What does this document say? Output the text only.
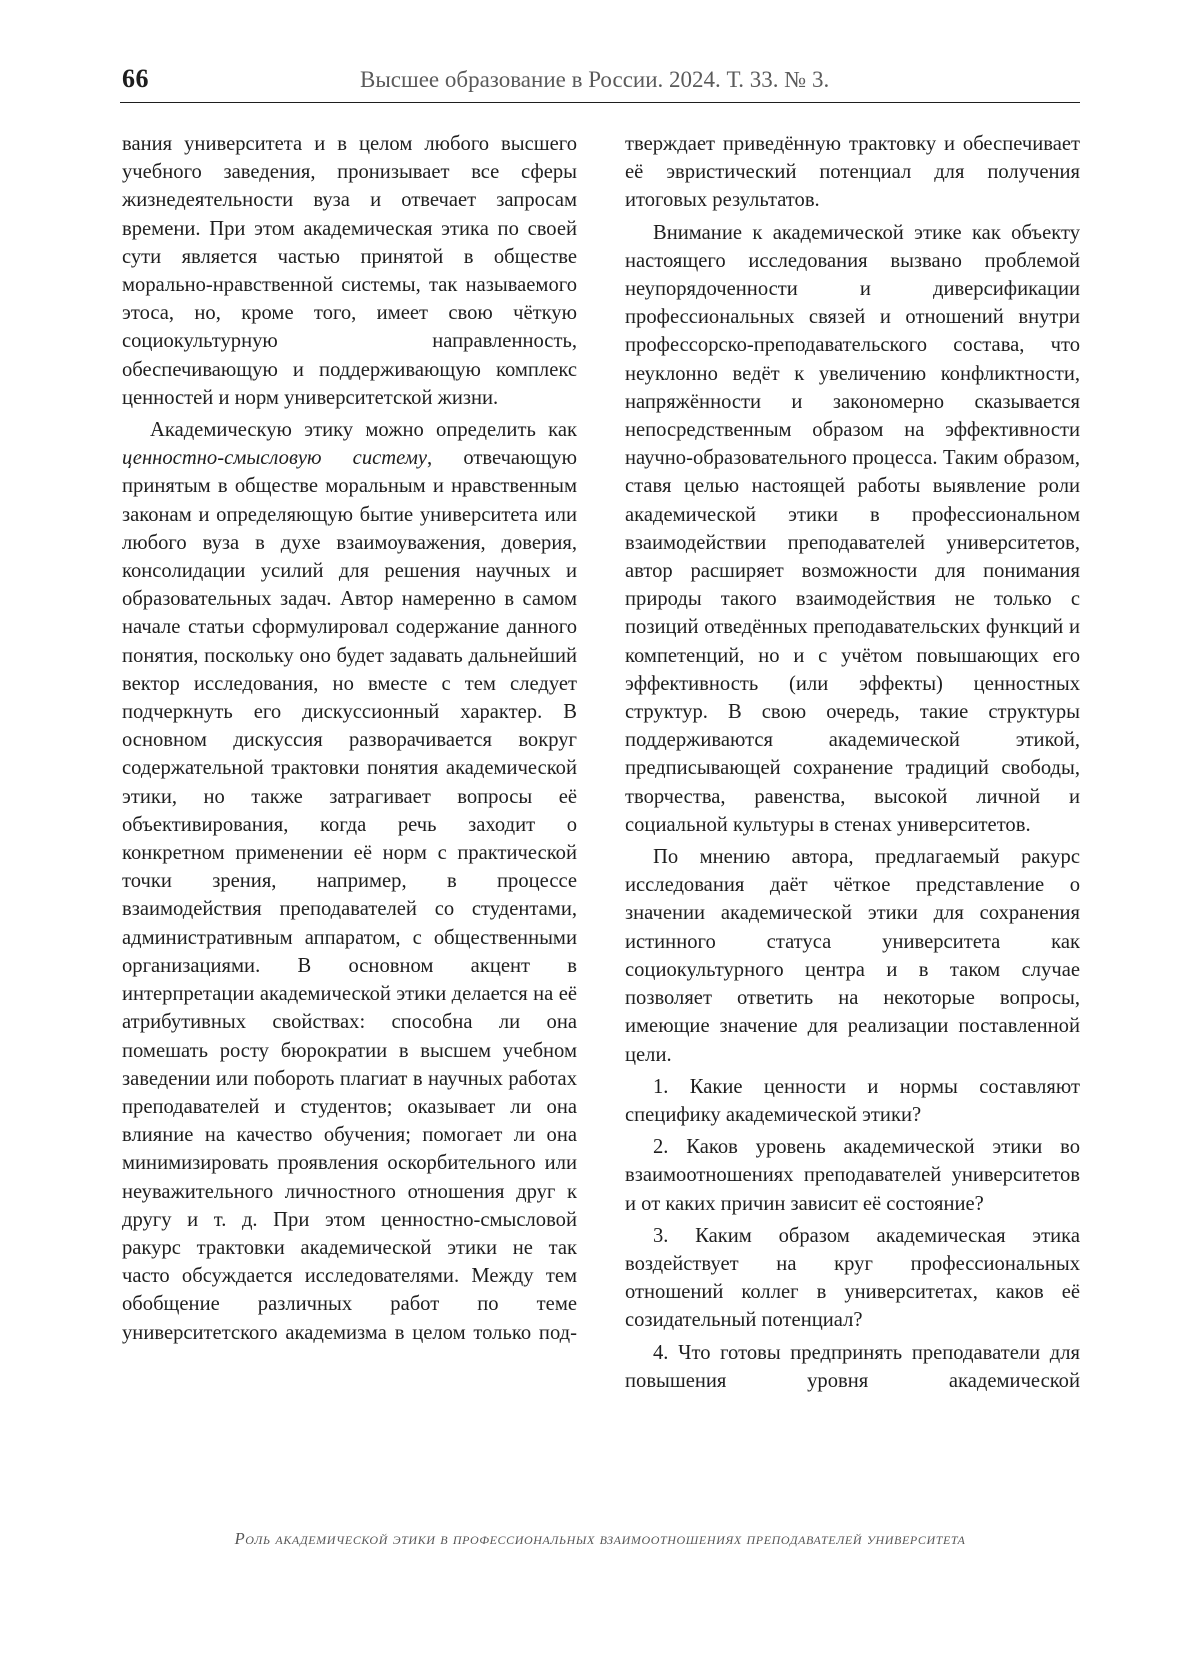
66	Высшее образование в России. 2024. Т. 33. № 3.

вания университета и в целом любого высшего учебного заведения, пронизывает все сферы жизнедеятельности вуза и отвечает запросам времени. При этом академическая этика по своей сути является частью принятой в обществе морально-нравственной системы, так называемого этоса, но, кроме того, имеет свою чёткую социокультурную направленность, обеспечивающую и поддерживающую комплекс ценностей и норм университетской жизни.

Академическую этику можно определить как ценностно-смысловую систему, отвечающую принятым в обществе моральным и нравственным законам и определяющую бытие университета или любого вуза в духе взаимоуважения, доверия, консолидации усилий для решения научных и образовательных задач. Автор намеренно в самом начале статьи сформулировал содержание данного понятия, поскольку оно будет задавать дальнейший вектор исследования, но вместе с тем следует подчеркнуть его дискуссионный характер. В основном дискуссия разворачивается вокруг содержательной трактовки понятия академической этики, но также затрагивает вопросы её объективирования, когда речь заходит о конкретном применении её норм с практической точки зрения, например, в процессе взаимодействия преподавателей со студентами, административным аппаратом, с общественными организациями. В основном акцент в интерпретации академической этики делается на её атрибутивных свойствах: способна ли она помешать росту бюрократии в высшем учебном заведении или побороть плагиат в научных работах преподавателей и студентов; оказывает ли она влияние на качество обучения; помогает ли она минимизировать проявления оскорбительного или неуважительного личностного отношения друг к другу и т. д. При этом ценностно-смысловой ракурс трактовки академической этики не так часто обсуждается исследователями. Между тем обобщение различных работ по теме университетского академизма в целом только под-

тверждает приведённую трактовку и обеспечивает её эвристический потенциал для получения итоговых результатов.

Внимание к академической этике как объекту настоящего исследования вызвано проблемой неупорядоченности и диверсификации профессиональных связей и отношений внутри профессорско-преподавательского состава, что неуклонно ведёт к увеличению конфликтности, напряжённости и закономерно сказывается непосредственным образом на эффективности научно-образовательного процесса. Таким образом, ставя целью настоящей работы выявление роли академической этики в профессиональном взаимодействии преподавателей университетов, автор расширяет возможности для понимания природы такого взаимодействия не только с позиций отведённых преподавательских функций и компетенций, но и с учётом повышающих его эффективность (или эффекты) ценностных структур. В свою очередь, такие структуры поддерживаются академической этикой, предписывающей сохранение традиций свободы, творчества, равенства, высокой личной и социальной культуры в стенах университетов.

По мнению автора, предлагаемый ракурс исследования даёт чёткое представление о значении академической этики для сохранения истинного статуса университета как социокультурного центра и в таком случае позволяет ответить на некоторые вопросы, имеющие значение для реализации поставленной цели.

1. Какие ценности и нормы составляют специфику академической этики?

2. Каков уровень академической этики во взаимоотношениях преподавателей университетов и от каких причин зависит её состояние?

3. Каким образом академическая этика воздействует на круг профессиональных отношений коллег в университетах, каков её созидательный потенциал?

4. Что готовы предпринять преподаватели для повышения уровня академической

Роль академической этики в профессиональных взаимоотношениях преподавателей университета
